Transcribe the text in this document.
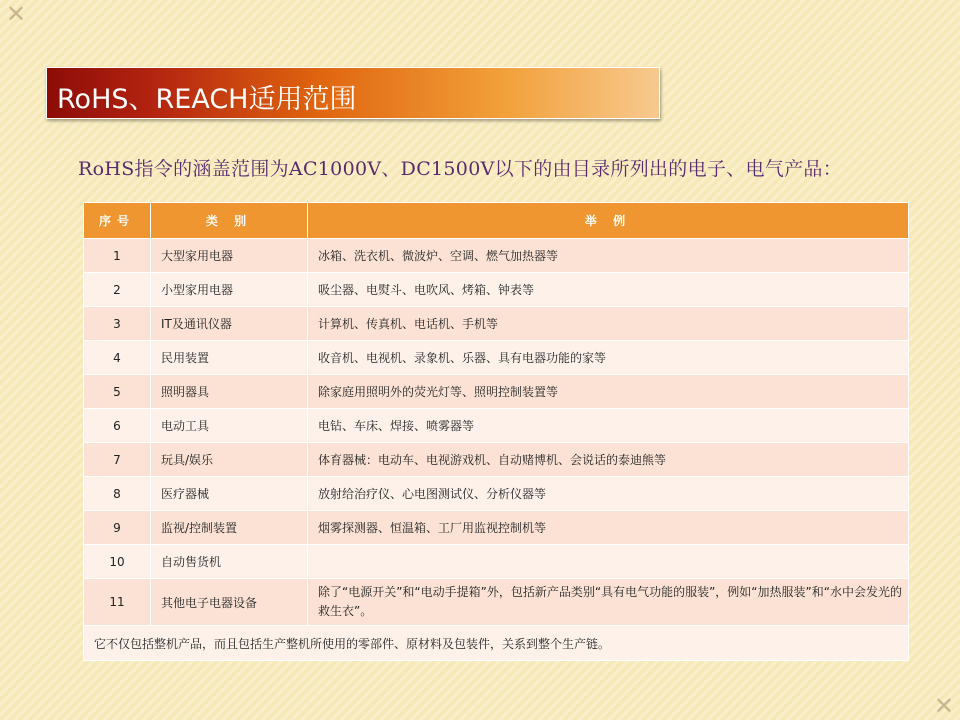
✕
✕
RoHS、REACH适用范围
RoHS指令的涵盖范围为AC1000V、DC1500V以下的由目录所列出的电子、电气产品：
序号	类 别	举 例
1	大型家用电器	冰箱、洗衣机、微波炉、空调、燃气加热器等
2	小型家用电器	吸尘器、电熨斗、电吹风、烤箱、钟表等
3	IT及通讯仪器	计算机、传真机、电话机、手机等
4	民用装置	收音机、电视机、录象机、乐器、具有电器功能的家等
5	照明器具	除家庭用照明外的荧光灯等、照明控制装置等
6	电动工具	电钻、车床、焊接、喷雾器等
7	玩具/娱乐	体育器械：电动车、电视游戏机、自动赌博机、会说话的泰迪熊等
8	医疗器械	放射给治疗仪、心电图测试仪、分析仪器等
9	监视/控制装置	烟雾探测器、恒温箱、工厂用监视控制机等
10	自动售货机	
11	其他电子电器设备	除了“电源开关”和“电动手提箱”外，包括新产品类别“具有电气功能的服装”，例如“加热服装”和“水中会发光的救生衣”。
它不仅包括整机产品，而且包括生产整机所使用的零部件、原材料及包装件，关系到整个生产链。		
